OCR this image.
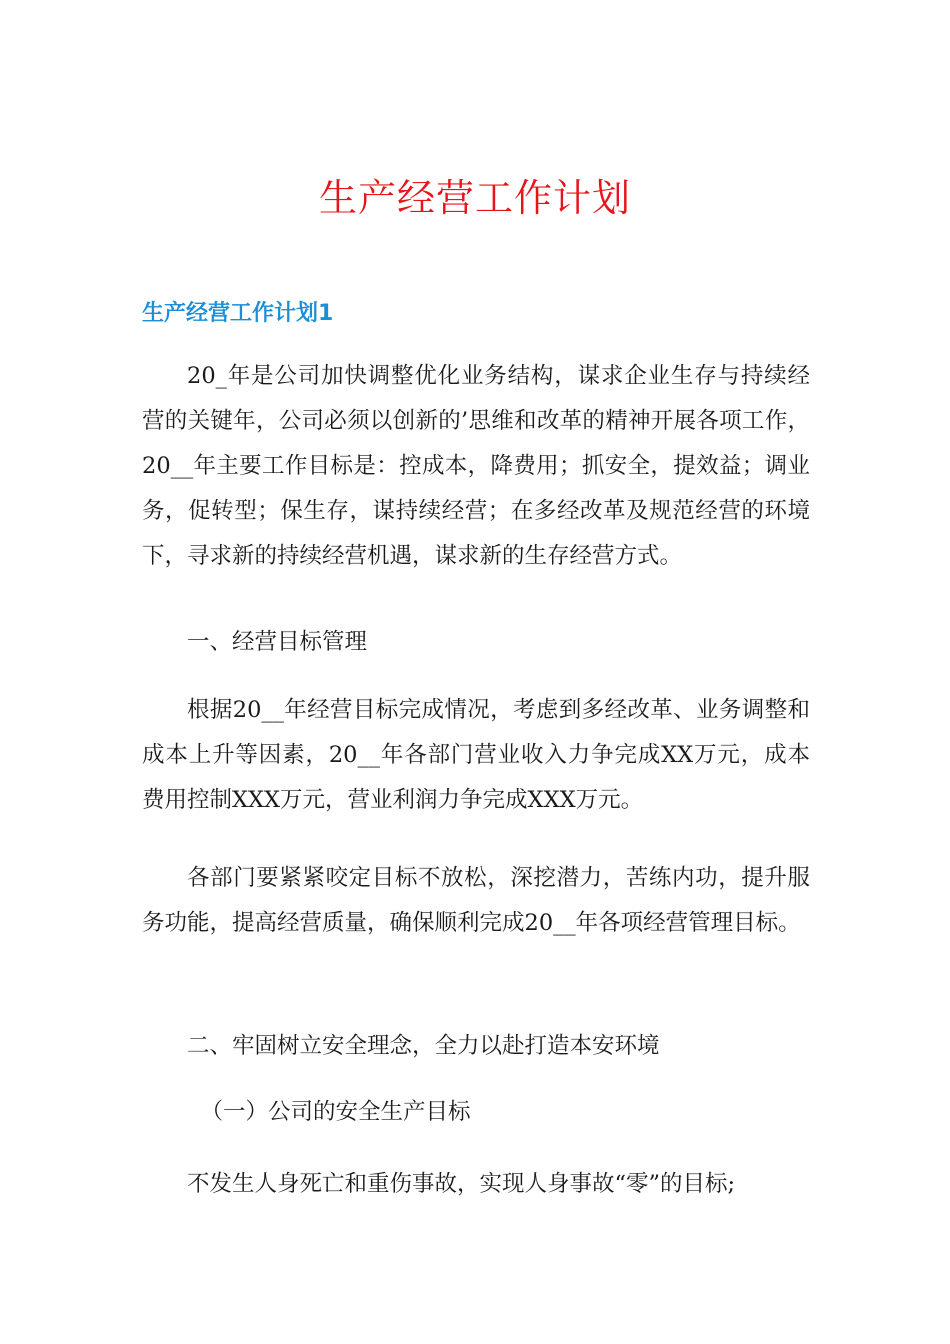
生产经营工作计划
生产经营工作计划1

20_年是公司加快调整优化业务结构，谋求企业生存与持续经营的关键年，公司必须以创新的’思维和改革的精神开展各项工作，20__年主要工作目标是：控成本，降费用；抓安全，提效益；调业务，促转型；保生存，谋持续经营；在多经改革及规范经营的环境下，寻求新的持续经营机遇，谋求新的生存经营方式。

一、经营目标管理

根据20__年经营目标完成情况，考虑到多经改革、业务调整和成本上升等因素，20__年各部门营业收入力争完成XX万元，成本费用控制XXX万元，营业利润力争完成XXX万元。

各部门要紧紧咬定目标不放松，深挖潜力，苦练内功，提升服务功能，提高经营质量，确保顺利完成20__年各项经营管理目标。

二、牢固树立安全理念，全力以赴打造本安环境

（一）公司的安全生产目标

不发生人身死亡和重伤事故，实现人身事故“零”的目标;
